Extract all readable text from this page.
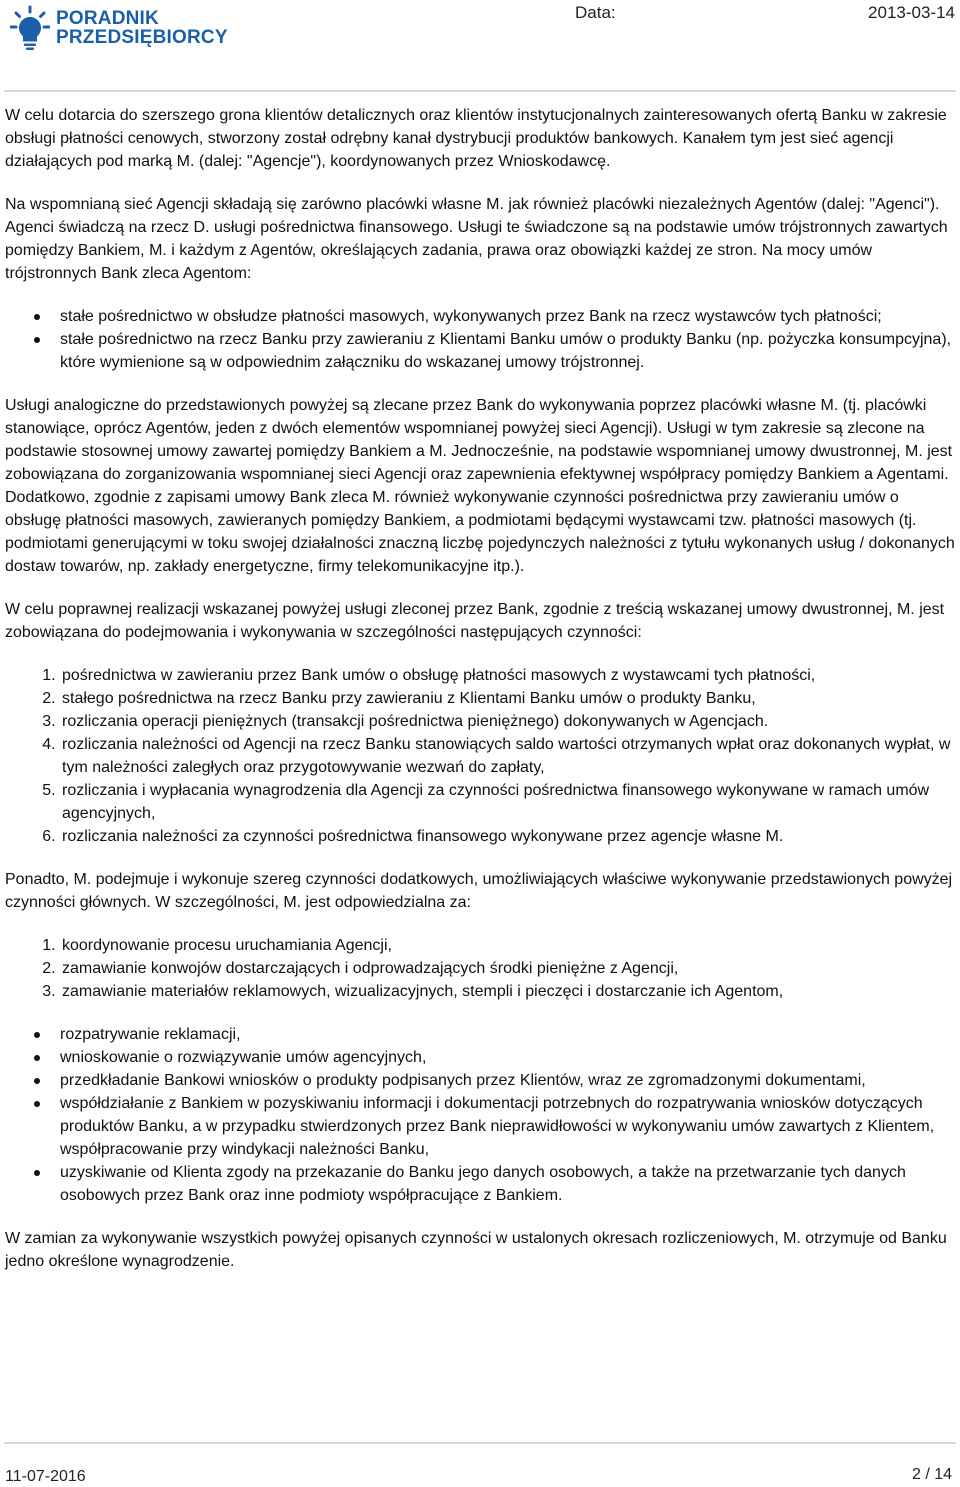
PORADNIK
PRZEDSIĘBIORCY
Data:	2013-03-14

W celu dotarcia do szerszego grona klientów detalicznych oraz klientów instytucjonalnych zainteresowanych ofertą Banku w zakresie obsługi płatności cenowych, stworzony został odrębny kanał dystrybucji produktów bankowych. Kanałem tym jest sieć agencji działających pod marką M. (dalej: "Agencje"), koordynowanych przez Wnioskodawcę.

Na wspomnianą sieć Agencji składają się zarówno placówki własne M. jak również placówki niezależnych Agentów (dalej: "Agenci"). Agenci świadczą na rzecz D. usługi pośrednictwa finansowego. Usługi te świadczone są na podstawie umów trójstronnych zawartych pomiędzy Bankiem, M. i każdym z Agentów, określających zadania, prawa oraz obowiązki każdej ze stron. Na mocy umów trójstronnych Bank zleca Agentom:

stałe pośrednictwo w obsłudze płatności masowych, wykonywanych przez Bank na rzecz wystawców tych płatności;
stałe pośrednictwo na rzecz Banku przy zawieraniu z Klientami Banku umów o produkty Banku (np. pożyczka konsumpcyjna), które wymienione są w odpowiednim załączniku do wskazanej umowy trójstronnej.

Usługi analogiczne do przedstawionych powyżej są zlecane przez Bank do wykonywania poprzez placówki własne M. (tj. placówki stanowiące, oprócz Agentów, jeden z dwóch elementów wspomnianej powyżej sieci Agencji). Usługi w tym zakresie są zlecone na podstawie stosownej umowy zawartej pomiędzy Bankiem a M. Jednocześnie, na podstawie wspomnianej umowy dwustronnej, M. jest zobowiązana do zorganizowania wspomnianej sieci Agencji oraz zapewnienia efektywnej współpracy pomiędzy Bankiem a Agentami. Dodatkowo, zgodnie z zapisami umowy Bank zleca M. również wykonywanie czynności pośrednictwa przy zawieraniu umów o obsługę płatności masowych, zawieranych pomiędzy Bankiem, a podmiotami będącymi wystawcami tzw. płatności masowych (tj. podmiotami generującymi w toku swojej działalności znaczną liczbę pojedynczych należności z tytułu wykonanych usług / dokonanych dostaw towarów, np. zakłady energetyczne, firmy telekomunikacyjne itp.).

W celu poprawnej realizacji wskazanej powyżej usługi zleconej przez Bank, zgodnie z treścią wskazanej umowy dwustronnej, M. jest zobowiązana do podejmowania i wykonywania w szczególności następujących czynności:

1. pośrednictwa w zawieraniu przez Bank umów o obsługę płatności masowych z wystawcami tych płatności,
2. stałego pośrednictwa na rzecz Banku przy zawieraniu z Klientami Banku umów o produkty Banku,
3. rozliczania operacji pieniężnych (transakcji pośrednictwa pieniężnego) dokonywanych w Agencjach.
4. rozliczania należności od Agencji na rzecz Banku stanowiących saldo wartości otrzymanych wpłat oraz dokonanych wypłat, w tym należności zaległych oraz przygotowywanie wezwań do zapłaty,
5. rozliczania i wypłacania wynagrodzenia dla Agencji za czynności pośrednictwa finansowego wykonywane w ramach umów agencyjnych,
6. rozliczania należności za czynności pośrednictwa finansowego wykonywane przez agencje własne M.

Ponadto, M. podejmuje i wykonuje szereg czynności dodatkowych, umożliwiających właściwe wykonywanie przedstawionych powyżej czynności głównych. W szczególności, M. jest odpowiedzialna za:

1. koordynowanie procesu uruchamiania Agencji,
2. zamawianie konwojów dostarczających i odprowadzających środki pieniężne z Agencji,
3. zamawianie materiałów reklamowych, wizualizacyjnych, stempli i pieczęci i dostarczanie ich Agentom,
rozpatrywanie reklamacji,
wnioskowanie o rozwiązywanie umów agencyjnych,
przedkładanie Bankowi wniosków o produkty podpisanych przez Klientów, wraz ze zgromadzonymi dokumentami,
współdziałanie z Bankiem w pozyskiwaniu informacji i dokumentacji potrzebnych do rozpatrywania wniosków dotyczących produktów Banku, a w przypadku stwierdzonych przez Bank nieprawidłowości w wykonywaniu umów zawartych z Klientem, współpracowanie przy windykacji należności Banku,
uzyskiwanie od Klienta zgody na przekazanie do Banku jego danych osobowych, a także na przetwarzanie tych danych osobowych przez Bank oraz inne podmioty współpracujące z Bankiem.

W zamian za wykonywanie wszystkich powyżej opisanych czynności w ustalonych okresach rozliczeniowych, M. otrzymuje od Banku jedno określone wynagrodzenie.

11-07-2016	2 / 14
